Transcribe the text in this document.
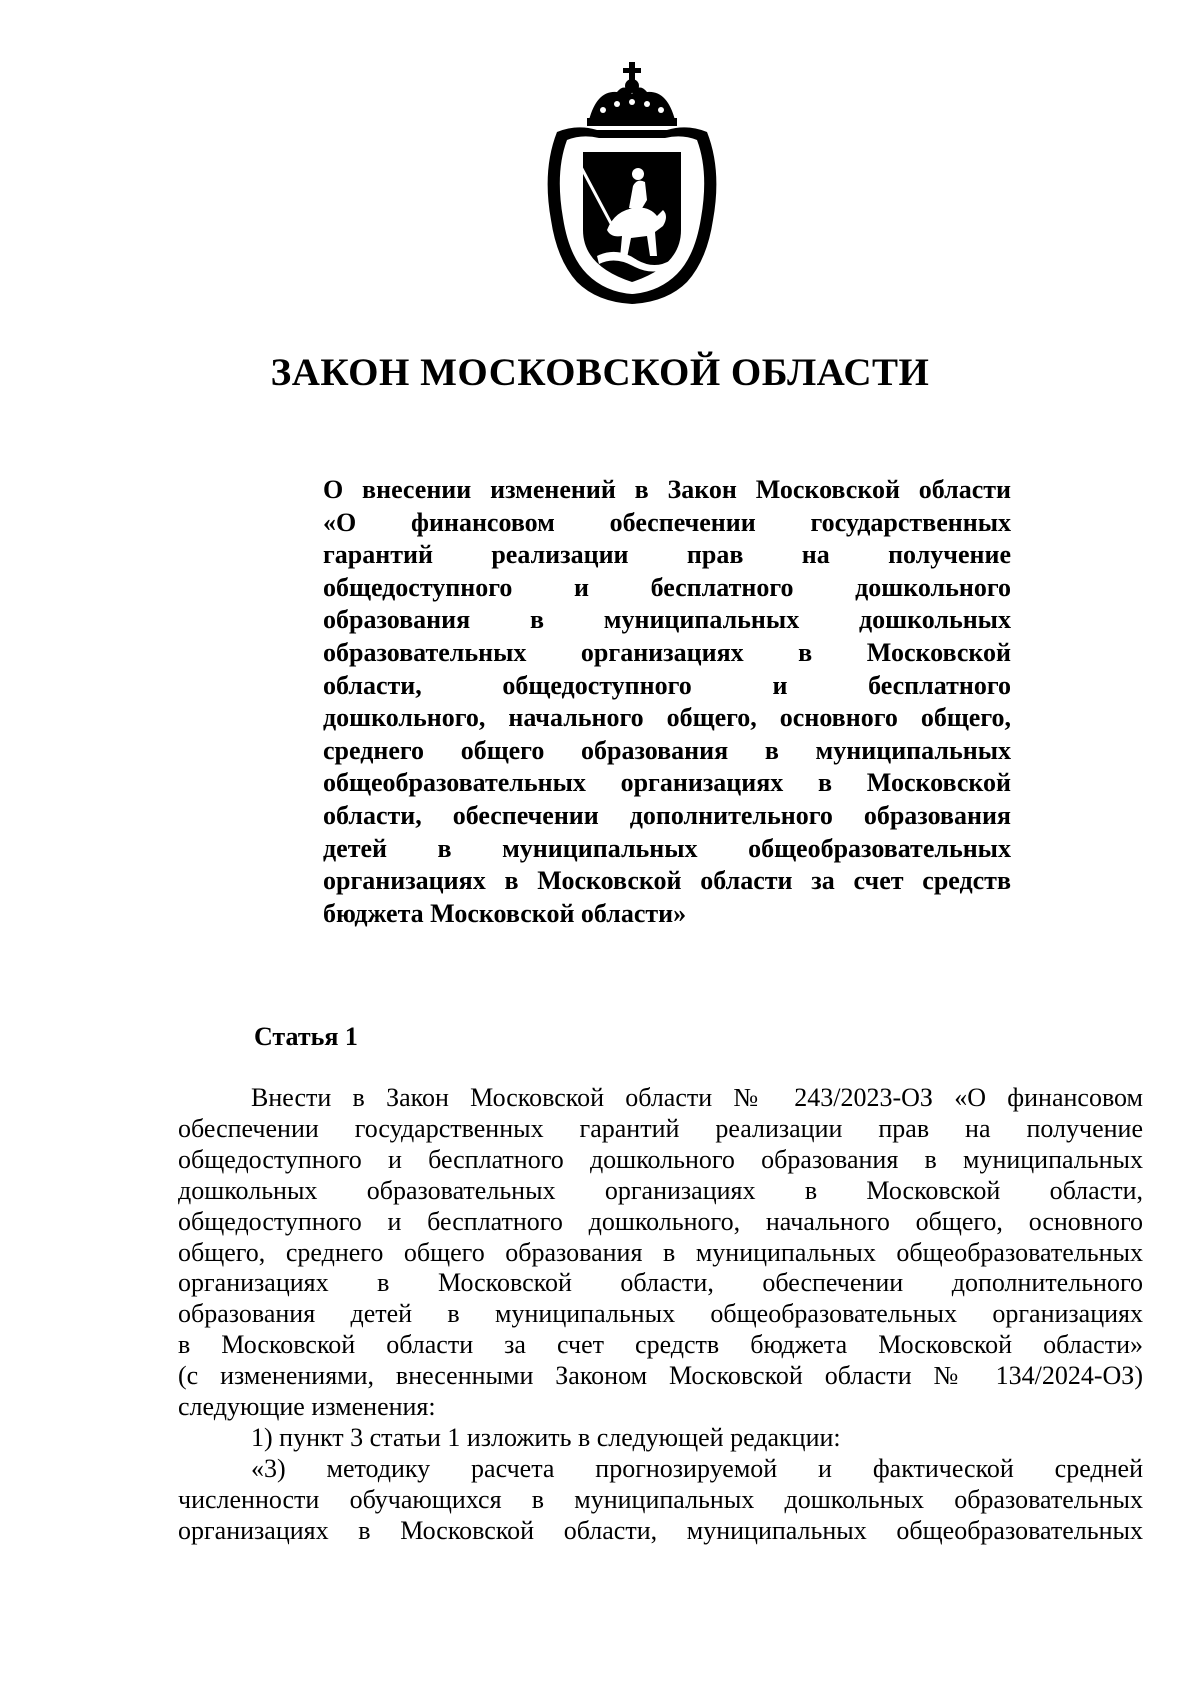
ЗАКОН МОСКОВСКОЙ ОБЛАСТИ
О внесении изменений в Закон Московской области
«О финансовом обеспечении государственных
гарантий реализации прав на получение
общедоступного и бесплатного дошкольного
образования в муниципальных дошкольных
образовательных организациях в Московской
области, общедоступного и бесплатного
дошкольного, начального общего, основного общего,
среднего общего образования в муниципальных
общеобразовательных организациях в Московской
области, обеспечении дополнительного образования
детей в муниципальных общеобразовательных
организациях в Московской области за счет средств
бюджета Московской области»
Статья 1
Внести в Закон Московской области № 243/2023-ОЗ «О финансовом
обеспечении государственных гарантий реализации прав на получение
общедоступного и бесплатного дошкольного образования в муниципальных
дошкольных образовательных организациях в Московской области,
общедоступного и бесплатного дошкольного, начального общего, основного
общего, среднего общего образования в муниципальных общеобразовательных
организациях в Московской области, обеспечении дополнительного
образования детей в муниципальных общеобразовательных организациях
в Московской области за счет средств бюджета Московской области»
(с изменениями, внесенными Законом Московской области № 134/2024-ОЗ)
следующие изменения:
1) пункт 3 статьи 1 изложить в следующей редакции:
«3) методику расчета прогнозируемой и фактической средней
численности обучающихся в муниципальных дошкольных образовательных
организациях в Московской области, муниципальных общеобразовательных
